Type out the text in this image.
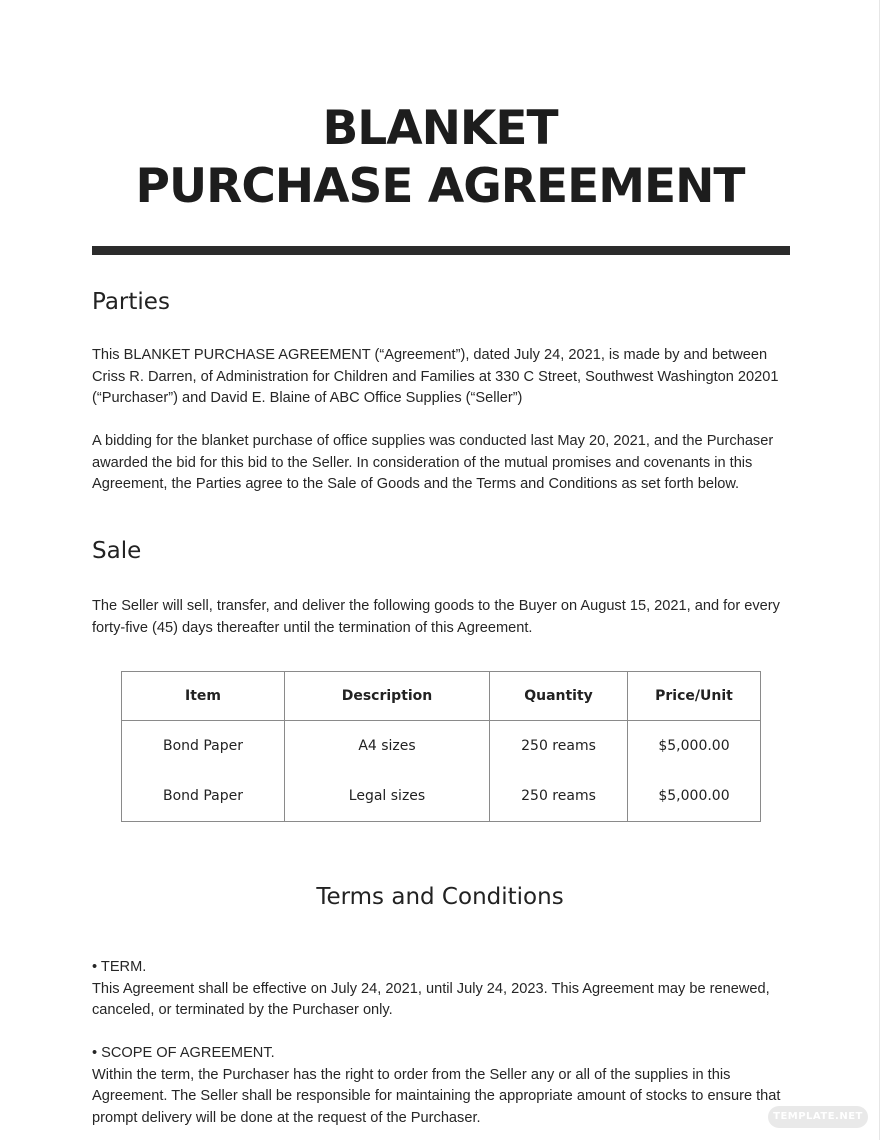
BLANKET
PURCHASE AGREEMENT
Parties

This BLANKET PURCHASE AGREEMENT (“Agreement”), dated July 24, 2021, is made by and between

Criss R. Darren, of Administration for Children and Families at 330 C Street, Southwest Washington 20201

(“Purchaser”) and David E. Blaine of ABC Office Supplies (“Seller”)

A bidding for the blanket purchase of office supplies was conducted last May 20, 2021, and the Purchaser

awarded the bid for this bid to the Seller. In consideration of the mutual promises and covenants in this

Agreement, the Parties agree to the Sale of Goods and the Terms and Conditions as set forth below.

Sale

The Seller will sell, transfer, and deliver the following goods to the Buyer on August 15, 2021, and for every

forty-five (45) days thereafter until the termination of this Agreement.

Item	Description	Quantity	Price/Unit
Bond Paper	A4 sizes	250 reams	$5,000.00
Bond Paper	Legal sizes	250 reams	$5,000.00
Terms and Conditions

• TERM.

This Agreement shall be effective on July 24, 2021, until July 24, 2023. This Agreement may be renewed,

canceled, or terminated by the Purchaser only.

• SCOPE OF AGREEMENT.

Within the term, the Purchaser has the right to order from the Seller any or all of the supplies in this

Agreement. The Seller shall be responsible for maintaining the appropriate amount of stocks to ensure that

prompt delivery will be done at the request of the Purchaser.	TEMPLATE.NET
